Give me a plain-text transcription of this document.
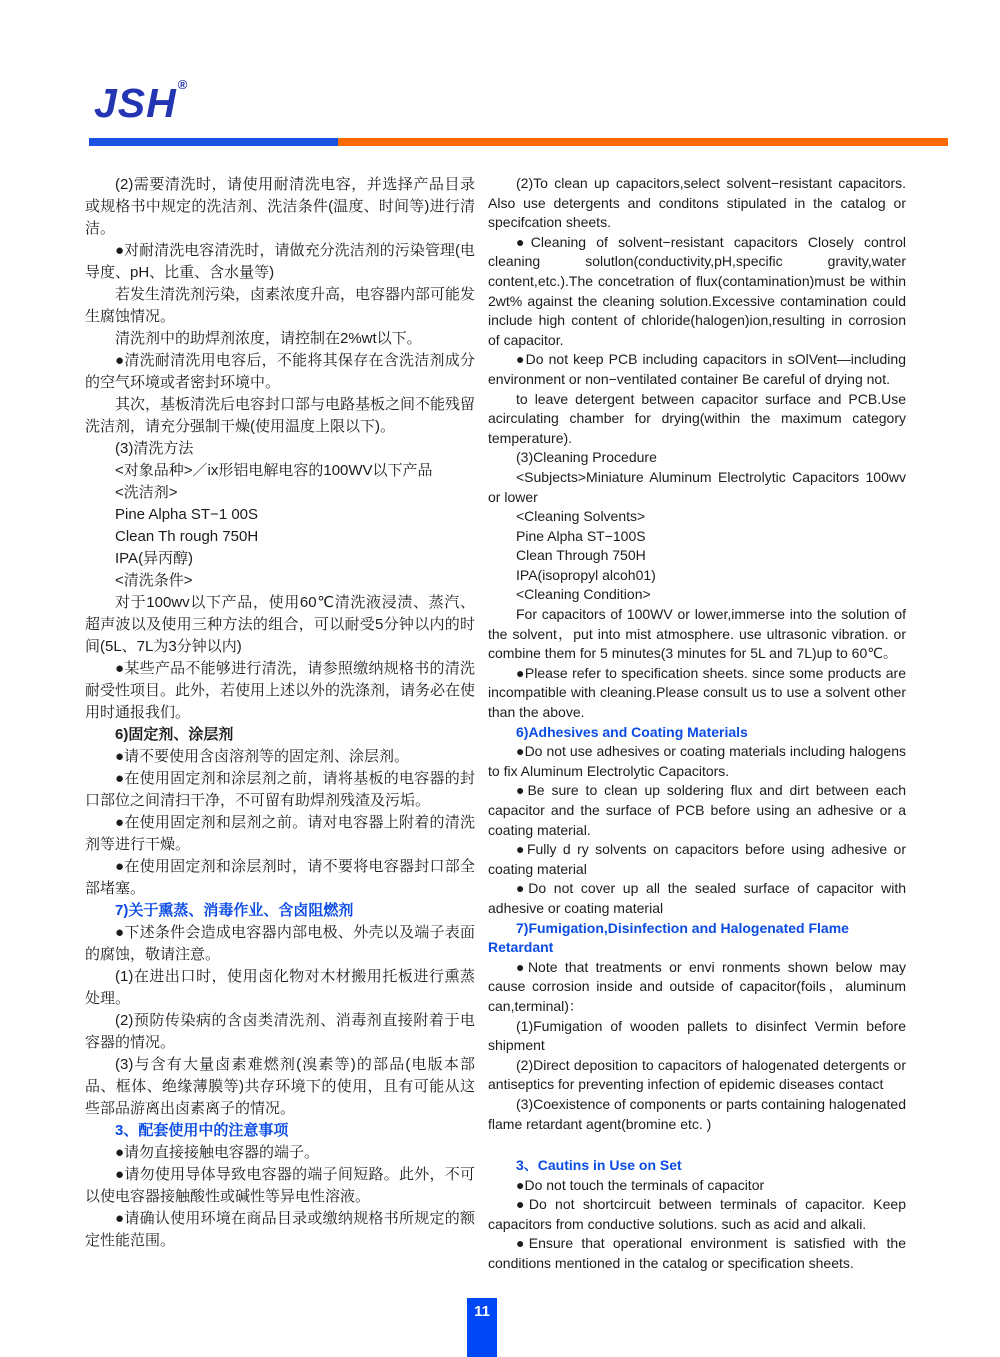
JSH®

(2)需要清洗时，请使用耐清洗电容，并选择产品目录或规格书中规定的洗洁剂、洗洁条件(温度、时间等)进行清洁。

●对耐清洗电容清洗时，请做充分洗洁剂的污染管理(电导度、pH、比重、含水量等)

若发生清洗剂污染，卤素浓度升高，电容器内部可能发生腐蚀情况。

清洗剂中的助焊剂浓度，请控制在2%wt以下。

●清洗耐清洗用电容后，不能将其保存在含洗洁剂成分的空气环境或者密封环境中。

其次，基板清洗后电容封口部与电路基板之间不能残留洗洁剂，请充分强制干燥(使用温度上限以下)。

(3)清洗方法

<对象品种>／ix形铝电解电容的100WV以下产品

<洗洁剂>

Pine Alpha ST−1 00S

Clean Th rough 750H

IPA(异丙醇)

<清洗条件>

对于100wv以下产品，使用60℃清洗液浸渍、蒸汽、超声波以及使用三种方法的组合，可以耐受5分钟以内的时间(5L、7L为3分钟以内)

●某些产品不能够进行清洗，请参照缴纳规格书的清洗耐受性项目。此外，若使用上述以外的洗涤剂，请务必在使用时通报我们。

6)固定剂、涂层剂

●请不要使用含卤溶剂等的固定剂、涂层剂。

●在使用固定剂和涂层剂之前，请将基板的电容器的封口部位之间清扫干净，不可留有助焊剂残渣及污垢。

●在使用固定剂和层剂之前。请对电容器上附着的清洗剂等进行干燥。

●在使用固定剂和涂层剂时，请不要将电容器封口部全部堵塞。

7)关于熏蒸、消毒作业、含卤阻燃剂

●下述条件会造成电容器内部电极、外壳以及端子表面的腐蚀，敬请注意。

(1)在进出口时，使用卤化物对木材搬用托板进行熏蒸处理。

(2)预防传染病的含卤类清洗剂、消毒剂直接附着于电容器的情况。

(3)与含有大量卤素难燃剂(溴素等)的部品(电版本部品、框体、绝缘薄膜等)共存环境下的使用，且有可能从这些部品游离出卤素离子的情况。

3、配套使用中的注意事项

●请勿直接接触电容器的端子。

●请勿使用导体导致电容器的端子间短路。此外，不可以使电容器接触酸性或碱性等异电性溶液。

●请确认使用环境在商品目录或缴纳规格书所规定的额定性能范围。

(2)To clean up capacitors,select solvent−resistant capacitors. Also use detergents and conditons stipulated in the catalog or specifcation sheets.

●Cleaning of solvent−resistant capacitors Closely control cleaning solutlon(conductivity,pH,specific gravity,water content,etc.).The concetration of flux(contamination)must be within 2wt% against the cleaning solution.Excessive contamination could include high content of chloride(halogen)ion,resulting in corrosion of capacitor.

●Do not keep PCB including capacitors in sOlVent—including environment or non−ventilated container Be careful of drying not.

to leave detergent between capacitor surface and PCB.Use acirculating chamber for drying(within the maximum category temperature).

(3)Cleaning Procedure

<Subjects>Miniature Aluminum Electrolytic Capacitors 100wv or lower

<Cleaning Solvents>

Pine Alpha ST−100S

Clean Through 750H

IPA(isopropyl alcoh01)

<Cleaning Condition>

For capacitors of 100WV or lower,immerse into the solution of the solvent，put into mist atmosphere. use ultrasonic vibration. or combine them for 5 minutes(3 minutes for 5L and 7L)up to 60℃。

●Please refer to specification sheets. since some products are incompatible with cleaning.Please consult us to use a solvent other than the above.

6)Adhesives and Coating Materials

●Do not use adhesives or coating materials including halogens to fix Aluminum Electrolytic Capacitors.

●Be sure to clean up soldering flux and dirt between each capacitor and the surface of PCB before using an adhesive or a coating material.

●Fully d ry solvents on capacitors before using adhesive or coating material

●Do not cover up all the sealed surface of capacitor with adhesive or coating material

7)Fumigation,Disinfection and Halogenated Flame Retardant

●Note that treatments or envi ronments shown below may cause corrosion inside and outside of capacitor(foils，aluminum can,terminal)：

(1)Fumigation of wooden pallets to disinfect Vermin before shipment

(2)Direct deposition to capacitors of halogenated detergents or antiseptics for preventing infection of epidemic diseases contact

(3)Coexistence of components or parts containing halogenated flame retardant agent(bromine etc. )

3、Cautins in Use on Set

●Do not touch the terminals of capacitor

●Do not shortcircuit between terminals of capacitor. Keep capacitors from conductive solutions. such as acid and alkali.

●Ensure that operational environment is satisfied with the conditions mentioned in the catalog or specification sheets.

11
